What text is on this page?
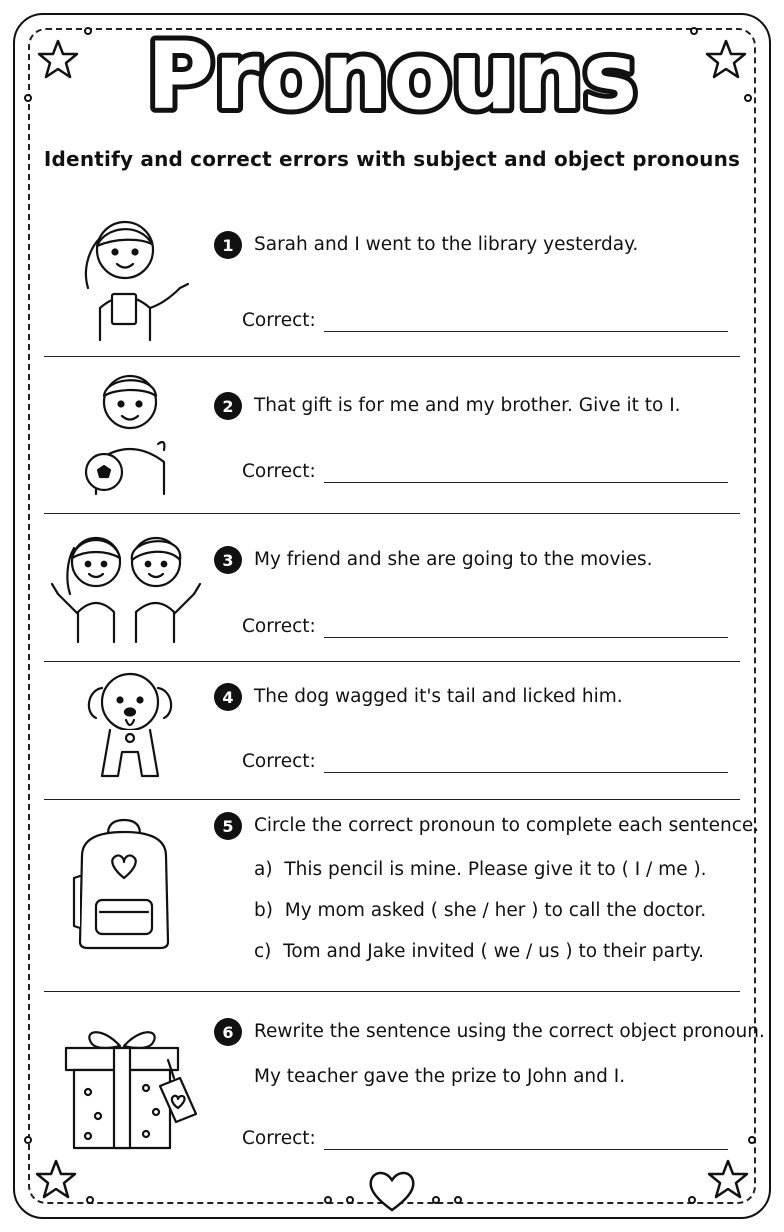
Pronouns
Identify and correct errors with subject and object pronouns
1	Sarah and I went to the library yesterday.
Correct:
2	That gift is for me and my brother. Give it to I.
Correct:
3	My friend and she are going to the movies.
Correct:
4	The dog wagged it's tail and licked him.
Correct:
5	Circle the correct pronoun to complete each sentence.
a) This pencil is mine. Please give it to ( I / me ).
b) My mom asked ( she / her ) to call the doctor.
c) Tom and Jake invited ( we / us ) to their party.
6	Rewrite the sentence using the correct object pronoun.
My teacher gave the prize to John and I.
Correct:
